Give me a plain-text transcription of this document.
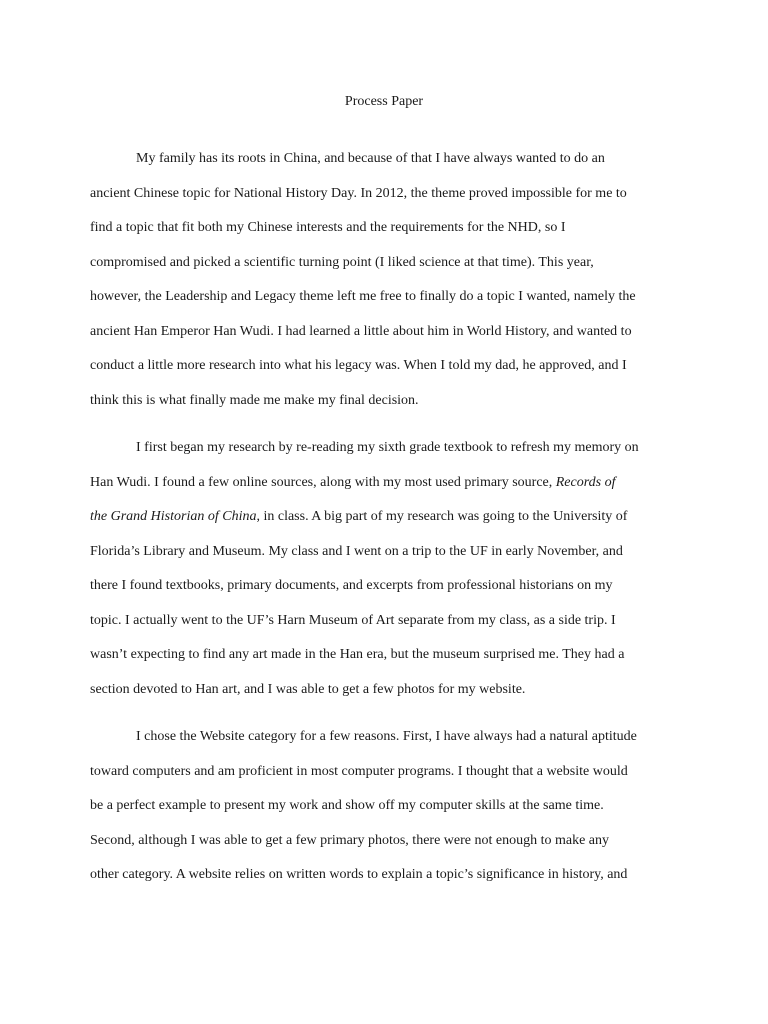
Process Paper

My family has its roots in China, and because of that I have always wanted to do an
ancient Chinese topic for National History Day. In 2012, the theme proved impossible for me to
find a topic that fit both my Chinese interests and the requirements for the NHD, so I
compromised and picked a scientific turning point (I liked science at that time). This year,
however, the Leadership and Legacy theme left me free to finally do a topic I wanted, namely the
ancient Han Emperor Han Wudi. I had learned a little about him in World History, and wanted to
conduct a little more research into what his legacy was. When I told my dad, he approved, and I
think this is what finally made me make my final decision.

I first began my research by re-reading my sixth grade textbook to refresh my memory on
Han Wudi. I found a few online sources, along with my most used primary source, Records of
the Grand Historian of China, in class. A big part of my research was going to the University of
Florida’s Library and Museum. My class and I went on a trip to the UF in early November, and
there I found textbooks, primary documents, and excerpts from professional historians on my
topic. I actually went to the UF’s Harn Museum of Art separate from my class, as a side trip. I
wasn’t expecting to find any art made in the Han era, but the museum surprised me. They had a
section devoted to Han art, and I was able to get a few photos for my website.

I chose the Website category for a few reasons. First, I have always had a natural aptitude
toward computers and am proficient in most computer programs. I thought that a website would
be a perfect example to present my work and show off my computer skills at the same time.
Second, although I was able to get a few primary photos, there were not enough to make any
other category. A website relies on written words to explain a topic’s significance in history, and
